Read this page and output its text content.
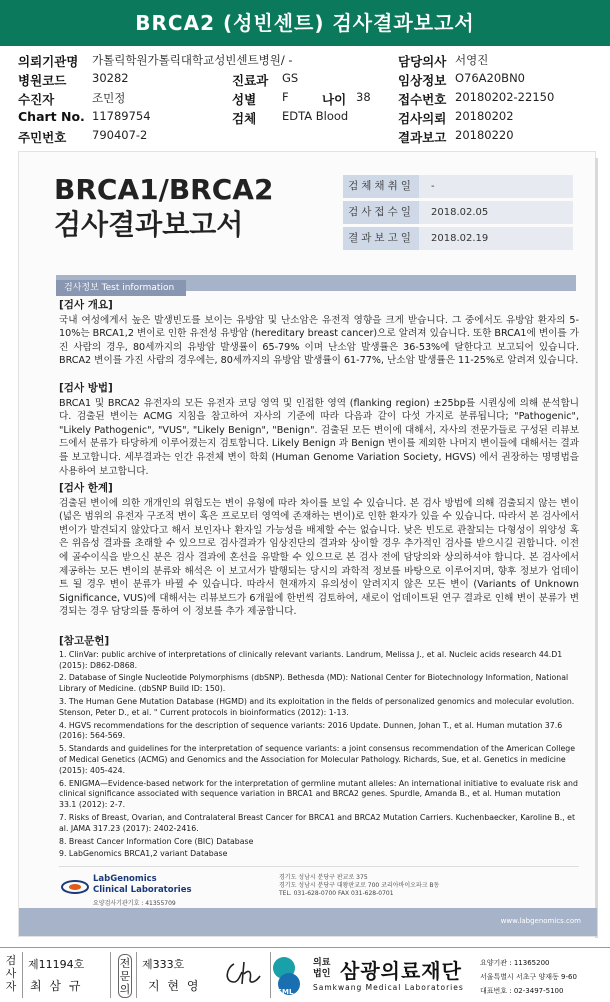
BRCA2 (성빈센트) 검사결과보고서
의뢰기관명 가톨릭학원가톨릭대학교성빈센트병원/ -	담당의사 서영진
병원코드 30282	진료과 GS	임상정보 O76A20BN0
수진자	조민정	성별 F	나이 38 접수번호 20180202-22150
Chart No. 11789754	검체 EDTA Blood	검사의뢰 20180202
주민번호 790407-2	결과보고 20180220
BRCA1/BRCA2
검사결과보고서
검체채취일	-
검사접수일	2018.02.05
결과보고일	2018.02.19
검사정보 Test information
[검사 개요]

국내 여성에게서 높은 발생빈도를 보이는 유방암 및 난소암은 유전적 영향을 크게 받습니다. 그 중에서도 유방암 환자의 5-10%는 BRCA1,2 변이로 인한 유전성 유방암 (hereditary breast cancer)으로 알려져 있습니다. 또한 BRCA1에 변이를 가진 사람의 경우, 80세까지의 유방암 발생률이 65-79% 이며 난소암 발생률은 36-53%에 달한다고 보고되어 있습니다. BRCA2 변이를 가진 사람의 경우에는, 80세까지의 유방암 발생률이 61-77%, 난소암 발생률은 11-25%로 알려져 있습니다.

[검사 방법]

BRCA1 및 BRCA2 유전자의 모든 유전자 코딩 영역 및 인접한 영역 (flanking region) ±25bp를 시퀀싱에 의해 분석합니다. 검출된 변이는 ACMG 지침을 참고하여 자사의 기준에 따라 다음과 같이 다섯 가지로 분류됩니다; "Pathogenic", "Likely Pathogenic", "VUS", "Likely Benign", "Benign". 검출된 모든 변이에 대해서, 자사의 전문가들로 구성된 리뷰보드에서 분류가 타당하게 이루어졌는지 검토합니다. Likely Benign 과 Benign 변이를 제외한 나머지 변이들에 대해서는 결과를 보고합니다. 세부결과는 인간 유전체 변이 학회 (Human Genome Variation Society, HGVS) 에서 권장하는 명명법을 사용하여 보고합니다.

[검사 한계]

검출된 변이에 의한 개개인의 위험도는 변이 유형에 따라 차이를 보일 수 있습니다. 본 검사 방법에 의해 검출되지 않는 변이 (넓은 범위의 유전자 구조적 변이 혹은 프로모터 영역에 존재하는 변이)로 인한 환자가 있을 수 있습니다. 따라서 본 검사에서 변이가 발견되지 않았다고 해서 보인자나 환자일 가능성을 배제할 수는 없습니다. 낮은 빈도로 관찰되는 다형성이 위양성 혹은 위음성 결과를 초래할 수 있으므로 검사결과가 임상진단의 결과와 상이할 경우 추가적인 검사를 받으시길 권합니다. 이전에 골수이식을 받으신 분은 검사 결과에 혼선을 유발할 수 있으므로 본 검사 전에 담당의와 상의하셔야 합니다. 본 검사에서 제공하는 모든 변이의 분류와 해석은 이 보고서가 발행되는 당시의 과학적 정보를 바탕으로 이루어지며, 향후 정보가 업데이트 될 경우 변이 분류가 바뀔 수 있습니다. 따라서 현재까지 유의성이 알려지지 않은 모든 변이 (Variants of Unknown Significance, VUS)에 대해서는 리뷰보드가 6개월에 한번씩 검토하여, 새로이 업데이트된 연구 결과로 인해 변이 분류가 변경되는 경우 담당의를 통하여 이 정보를 추가 제공합니다.

[참고문헌]
1. ClinVar: public archive of interpretations of clinically relevant variants. Landrum, Melissa J., et al. Nucleic acids research 44.D1 (2015): D862-D868.
2. Database of Single Nucleotide Polymorphisms (dbSNP). Bethesda (MD): National Center for Biotechnology Information, National Library of Medicine. (dbSNP Build ID: 150).
3. The Human Gene Mutation Database (HGMD) and its exploitation in the fields of personalized genomics and molecular evolution. Stenson, Peter D., et al. " Current protocols in bioinformatics (2012): 1-13.
4. HGVS recommendations for the description of sequence variants: 2016 Update. Dunnen, Johan T., et al. Human mutation 37.6 (2016): 564-569.
5. Standards and guidelines for the interpretation of sequence variants: a joint consensus recommendation of the American College of Medical Genetics (ACMG) and Genomics and the Association for Molecular Pathology. Richards, Sue, et al. Genetics in medicine (2015): 405-424.
6. ENIGMA—Evidence-based network for the interpretation of germline mutant alleles: An international initiative to evaluate risk and clinical significance associated with sequence variation in BRCA1 and BRCA2 genes. Spurdle, Amanda B., et al. Human mutation 33.1 (2012): 2-7.
7. Risks of Breast, Ovarian, and Contralateral Breast Cancer for BRCA1 and BRCA2 Mutation Carriers. Kuchenbaecker, Karoline B., et al. JAMA 317.23 (2017): 2402-2416.
8. Breast Cancer Information Core (BIC) Database
9. LabGenomics BRCA1,2 variant Database
LabGenomics
Clinical Laboratories
요양검사기관기호 : 41355709
경기도 성남시 분당구 판교로 375
경기도 성남시 분당구 대왕판교로 700 코리아바이오파크 B동
TEL. 031-628-0700 FAX 031-628-0701
www.labgenomics.com
검사자
제11194호
최 삼 규
전문의
제333호
지 현 영	SML
의료
법인 삼광의료재단
Samkwang Medical Laboratories
요양기관 : 11365200
서울특별시 서초구 양재동 9-60
대표번호 : 02-3497-5100
